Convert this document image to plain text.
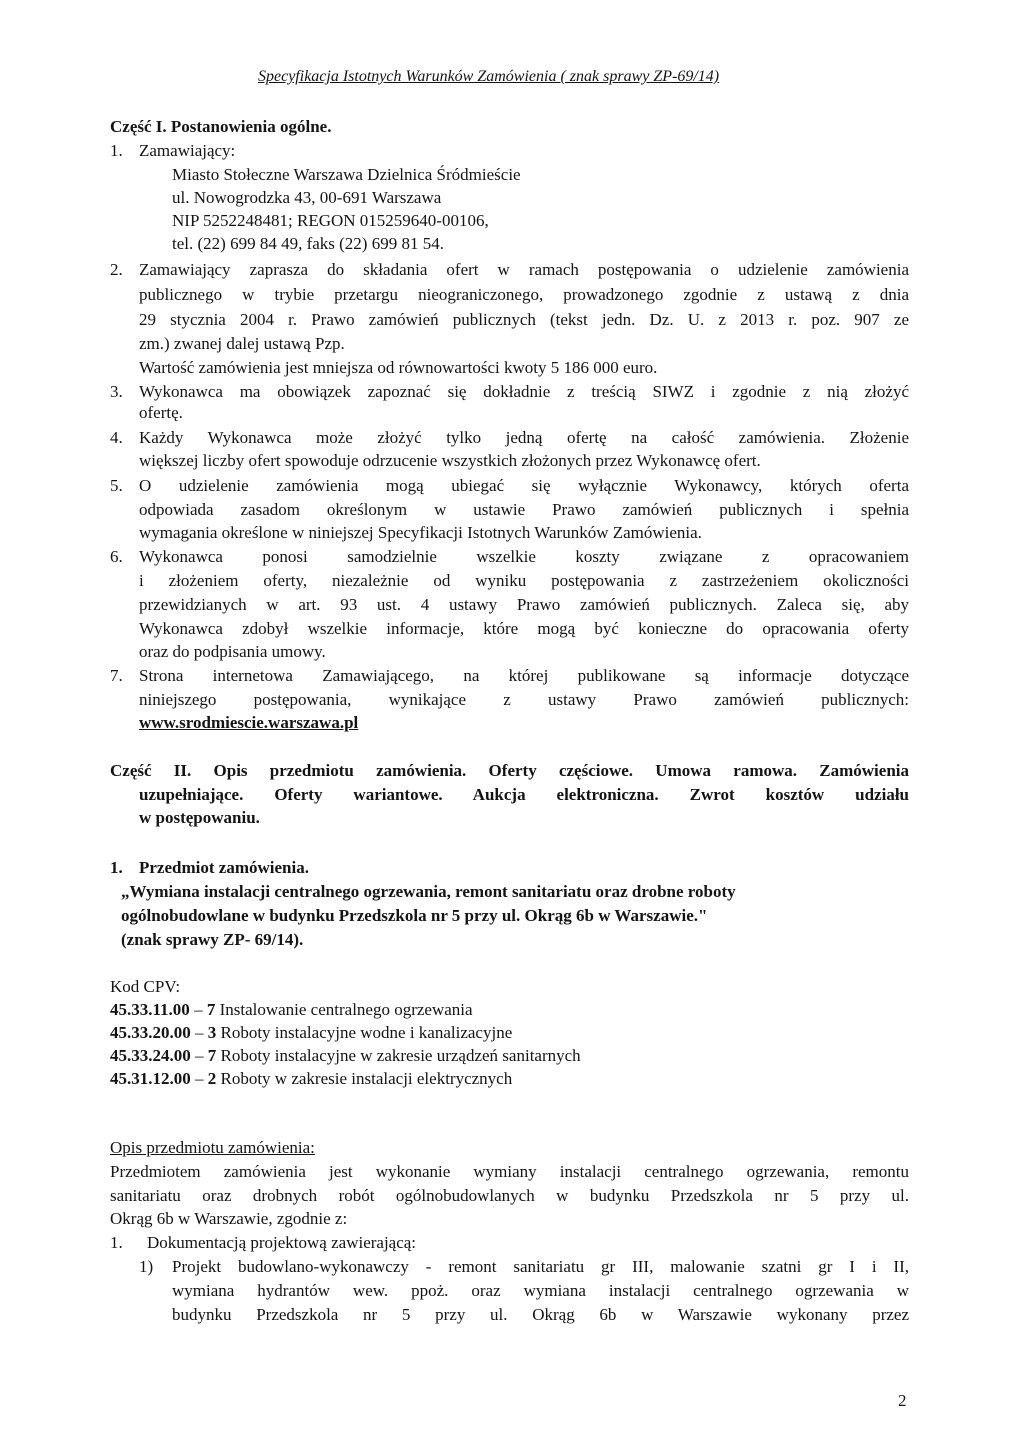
Specyfikacja Istotnych Warunków Zamówienia ( znak sprawy ZP-69/14)
Część I. Postanowienia ogólne.
1. Zamawiający:
Miasto Stołeczne Warszawa Dzielnica Śródmieście
ul. Nowogrodzka 43, 00-691 Warszawa
NIP 5252248481; REGON 015259640-00106,
tel. (22) 699 84 49, faks (22) 699 81 54.
2. Zamawiający zaprasza do składania ofert w ramach postępowania o udzielenie zamówienia
publicznego w trybie przetargu nieograniczonego, prowadzonego zgodnie z ustawą z dnia
29 stycznia 2004 r. Prawo zamówień publicznych (tekst jedn. Dz. U. z 2013 r. poz. 907 ze
zm.) zwanej dalej ustawą Pzp.
Wartość zamówienia jest mniejsza od równowartości kwoty 5 186 000 euro.
3. Wykonawca ma obowiązek zapoznać się dokładnie z treścią SIWZ i zgodnie z nią złożyć
ofertę.
4. Każdy Wykonawca może złożyć tylko jedną ofertę na całość zamówienia. Złożenie
większej liczby ofert spowoduje odrzucenie wszystkich złożonych przez Wykonawcę ofert.
5. O udzielenie zamówienia mogą ubiegać się wyłącznie Wykonawcy, których oferta
odpowiada zasadom określonym w ustawie Prawo zamówień publicznych i spełnia
wymagania określone w niniejszej Specyfikacji Istotnych Warunków Zamówienia.
6. Wykonawca ponosi samodzielnie wszelkie koszty związane z opracowaniem
i złożeniem oferty, niezależnie od wyniku postępowania z zastrzeżeniem okoliczności
przewidzianych w art. 93 ust. 4 ustawy Prawo zamówień publicznych. Zaleca się, aby
Wykonawca zdobył wszelkie informacje, które mogą być konieczne do opracowania oferty
oraz do podpisania umowy.
7. Strona internetowa Zamawiającego, na której publikowane są informacje dotyczące
niniejszego postępowania, wynikające z ustawy Prawo zamówień publicznych:
www.srodmiescie.warszawa.pl
Część II. Opis przedmiotu zamówienia. Oferty częściowe. Umowa ramowa. Zamówienia
uzupełniające. Oferty wariantowe. Aukcja elektroniczna. Zwrot kosztów udziału
w postępowaniu.
1. Przedmiot zamówienia.
„Wymiana instalacji centralnego ogrzewania, remont sanitariatu oraz drobne roboty
ogólnobudowlane w budynku Przedszkola nr 5 przy ul. Okrąg 6b w Warszawie."
(znak sprawy ZP- 69/14).
Kod CPV:
45.33.11.00 – 7 Instalowanie centralnego ogrzewania
45.33.20.00 – 3 Roboty instalacyjne wodne i kanalizacyjne
45.33.24.00 – 7 Roboty instalacyjne w zakresie urządzeń sanitarnych
45.31.12.00 – 2 Roboty w zakresie instalacji elektrycznych
Opis przedmiotu zamówienia:
Przedmiotem zamówienia jest wykonanie wymiany instalacji centralnego ogrzewania, remontu
sanitariatu oraz drobnych robót ogólnobudowlanych w budynku Przedszkola nr 5 przy ul.
Okrąg 6b w Warszawie, zgodnie z:
1. Dokumentacją projektową zawierającą:
1) Projekt budowlano-wykonawczy - remont sanitariatu gr III, malowanie szatni gr I i II,
wymiana hydrantów wew. ppoż. oraz wymiana instalacji centralnego ogrzewania w
budynku Przedszkola nr 5 przy ul. Okrąg 6b w Warszawie wykonany przez
2
